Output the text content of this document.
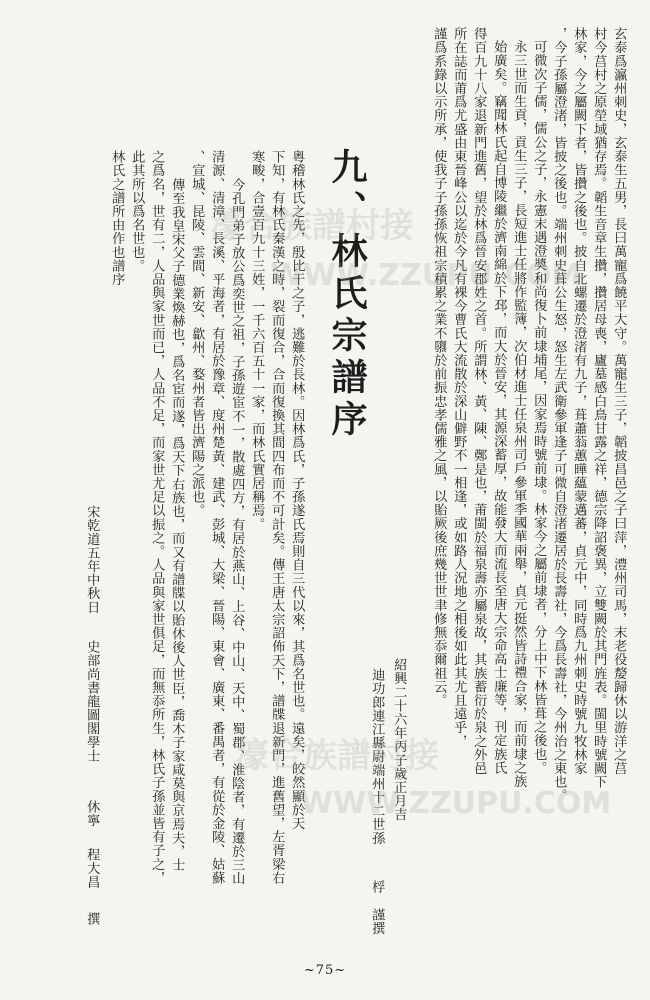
玄泰爲瀛州刺史，玄泰生五男，長曰萬寵爲饒平大守。萬寵生三子，韜披昌邑之子曰萍，澧州司馬，末老役嫠歸休以游洋之莒
村今莒村之原塋域猶存焉。韜生音章生攢，攢居母喪，廬墓感白鳥甘露之祥，德宗降詔褒異，立雙闕於其門旌表。閩里時號闕下
林家，今之屬闕下者，皆攢之後也。披自北螺遷於澄渚有九子，葺蕭蓊蕙曄蘊蒙邁蕃，貞元中，同時爲九州刺史時號九牧林家
，今子孫屬澄渚，皆披之後也。端州刺史葺公生怒，怒生左武衛參軍逢子可微自澄渚遷居於長壽社，今爲長壽社，今州治之東也。
可微次子儒，儒公之子，永憲末遇澄奬和尚復卜前埭埔尾，因家焉時號前埭。林家今之屬前埭者，分上中下林皆葺之後也。
永三世而生貢，貢生三子，長短進士任將作監簿，次伯材進士任泉州司戶參軍季國華兩舉，貞元挺然皆詩禮合家，而前埭之族
始廣矣。竊聞林氏起自博陵繼於濟南綿於下邳，而大於晉安，其源深蓄厚，故能發大而流長至唐大宗命高士廉等，刊定族氏
得百九十八家退新門進舊，望於林爲晉安郡姓之首。所謂林、黃、陳、鄭是也，莆閩於福泉壽亦屬泉故，其族蓄衍於泉之外邑
所在誌而莆爲尤盛由東晉峰公以迄於今凡有裸今曹氏大流散於深山僻野不一相逢，或如路人況地之相後如此其尤且遠乎，
謹爲系錄以示所承，使我子子孫孫恢祖宗積累之業不隳於前振忠孝儒雅之風，以貽厥後庶幾世世聿修無忝爾祖云。
紹興二十六年丙子歲正月吉
迪功郎連江縣尉端州十二世孫
桴
謹撰
九、林氏宗譜序
粵稽林氏之先，殷比干之子，逃難於長林。因林爲氏，子孫遂氏焉則自三代以來，其爲名世也。遠矣，皎然顯於天
下知，有林氏秦漢之時，裂而復合，合而復換其間四布而不可計矣。傳王唐太宗詔佈天下，譜牒退新門，進舊望，左胥梁右
寒畯，合壹百九十三姓，一千六百五十一家，而林氏實居稱焉。
今孔門弟子放公爲奕世之祖，子孫遊宦不一，散處四方，有居於燕山、上谷、中山、天中、蜀郡、淮陰者，有遷於三山
清源、清漳、長溪、平海者，有居於豫章、度州楚黃、建武、彭城、大梁、晉陽、東會、廣東、番禺者，有從於金陵、姑蘇
、宣城、昆陵、雲間、新安、歙州、婺州者皆出濟陽之派也。
傳至我皇宋父子德業煥赫也，爲名宦而遂，爲天下右族也，而又有譜牒以貽休後人世臣，喬木子家咸莫與京焉夫，士
之爲名，世有二，人品與家世而已，人品不足，而家世尤足以振之。人品與家世俱足，而無忝所生，林氏子孫並皆有子之，
此其所以爲名世也。
林氏之譜所由作也譜序
宋乾道五年中秋日
史部尚書龍圖閣學士
休寧
程大昌
撰
~75~
濠合族譜村接
WWW.ZZUPU.COM
濠合族譜村接
WWW.ZZUPU.COM
